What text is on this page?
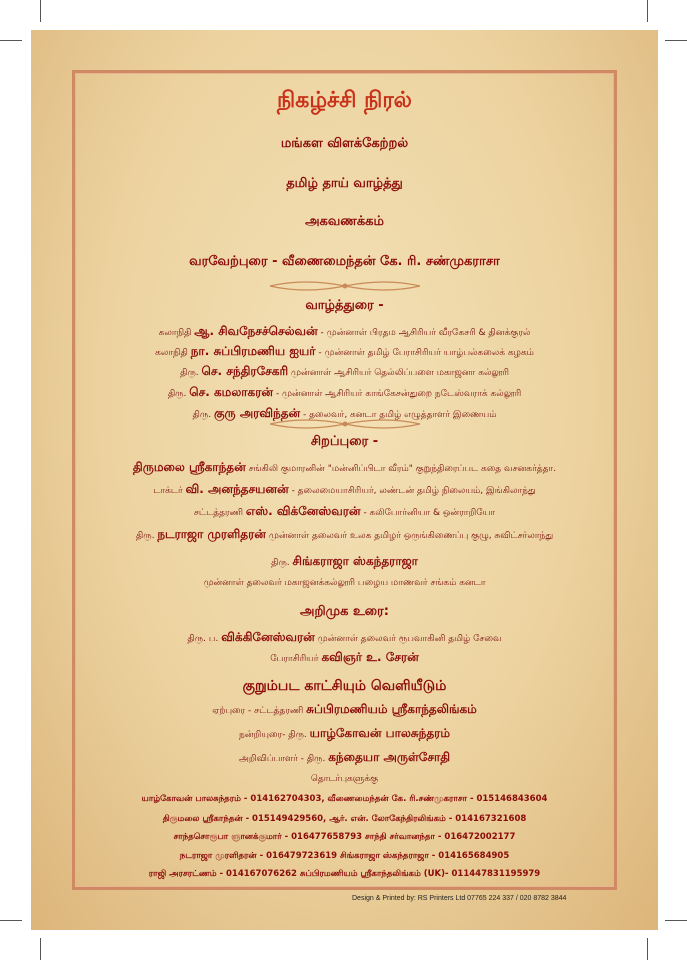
நிகழ்ச்சி நிரல்
மங்கள விளக்கேற்றல்
தமிழ் தாய் வாழ்த்து
அகவணக்கம்
வரவேற்புரை - வீணைமைந்தன் கே. ரி. சண்முகராசா
வாழ்த்துரை -
கலாநிதி ஆ. சிவநேசச்செல்வன் - முன்னாள் பிரதம ஆசிரியர் வீரகேசரி & தினக்குரல்
கலாநிதி நா. சுப்பிரமணிய ஐயர் - முன்னாள் தமிழ் பேராசிரியர் யாழ்பல்கலைக் கழகம்
திரு. செ. சந்திரசேகரி முன்னாள் ஆசிரியர் தெல்லிப்பளை மகாஜனா கல்லூரி
திரு. செ. கமலாகரன் - முன்னாள் ஆசிரியர் காங்கேசன்துறை நடேஸ்வராக் கல்லூரி
திரு. குரு அரவிந்தன் - தலைவர், கனடா தமிழ் எழுத்தாளர் இணையம்
சிறப்புரை -
திருமலை ஸ்ரீகாந்தன் சங்கிலி குமாரனின் "மன்னிப்பிடா வீரம்" குறுந்திரைப்பட கதை வசனகர்த்தா.
டாக்டர் வி. அனந்தசயனன் - தலைமையாசிரியர், லண்டன் தமிழ் நிலையம், இங்கிலாந்து
சட்டத்தரணி எஸ். விக்னேஸ்வரன் - கலிபோர்னியா & ஒன்ராறியோ
திரு. நடராஜா முரளிதரன் முன்னாள் தலைவர் உலக தமிழர் ஒருங்கிணைப்பு குழு, சுவிட்சர்லாந்து
திரு. சிங்கராஜா ஸ்கந்தராஜா
முன்னாள் தலைவர் மகாஜனக்கல்லூரி பழைய மாணவர் சங்கம் கனடா
அறிமுக உரை:
திரு. ப. விக்கினேஸ்வரன் முன்னாள் தலைவர் ரூபவாகினி தமிழ் சேவை
பேராசிரியர் கவிஞர் உ. சேரன்
குறும்பட காட்சியும் வெளியீடும்
ஏற்புரை - சட்டத்தரணி சுப்பிரமணியம் ஸ்ரீகாந்தலிங்கம்
நன்றியுரை- திரு. யாழ்கோவன் பாலசுந்தரம்
அறிவிப்பாளர் - திரு. கந்தையா அருள்சோதி
தொடர்புகளுக்கு
யாழ்கோவன் பாலசுந்தரம் - 014162704303, வீணைமைந்தன் கே. ரி.சண்முகராசா - 015146843604
திருமலை ஸ்ரீகாந்தன் - 015149429560, ஆர். என். லோகேந்திரலிங்கம் - 014167321608
சாந்தசொரூபா ஞானக்குமார் - 016477658793 சாந்தி சர்வானந்தா - 016472002177
நடராஜா முரளிதரன் - 016479723619 சிங்கராஜா ஸ்கந்தராஜா - 014165684905
ராஜி அரசரட்ணம் - 014167076262 சுப்பிரமணியம் ஸ்ரீகாந்தலிங்கம் (UK)- 011447831195979
Design & Printed by: RS Printers Ltd 07765 224 337 / 020 8782 3844
